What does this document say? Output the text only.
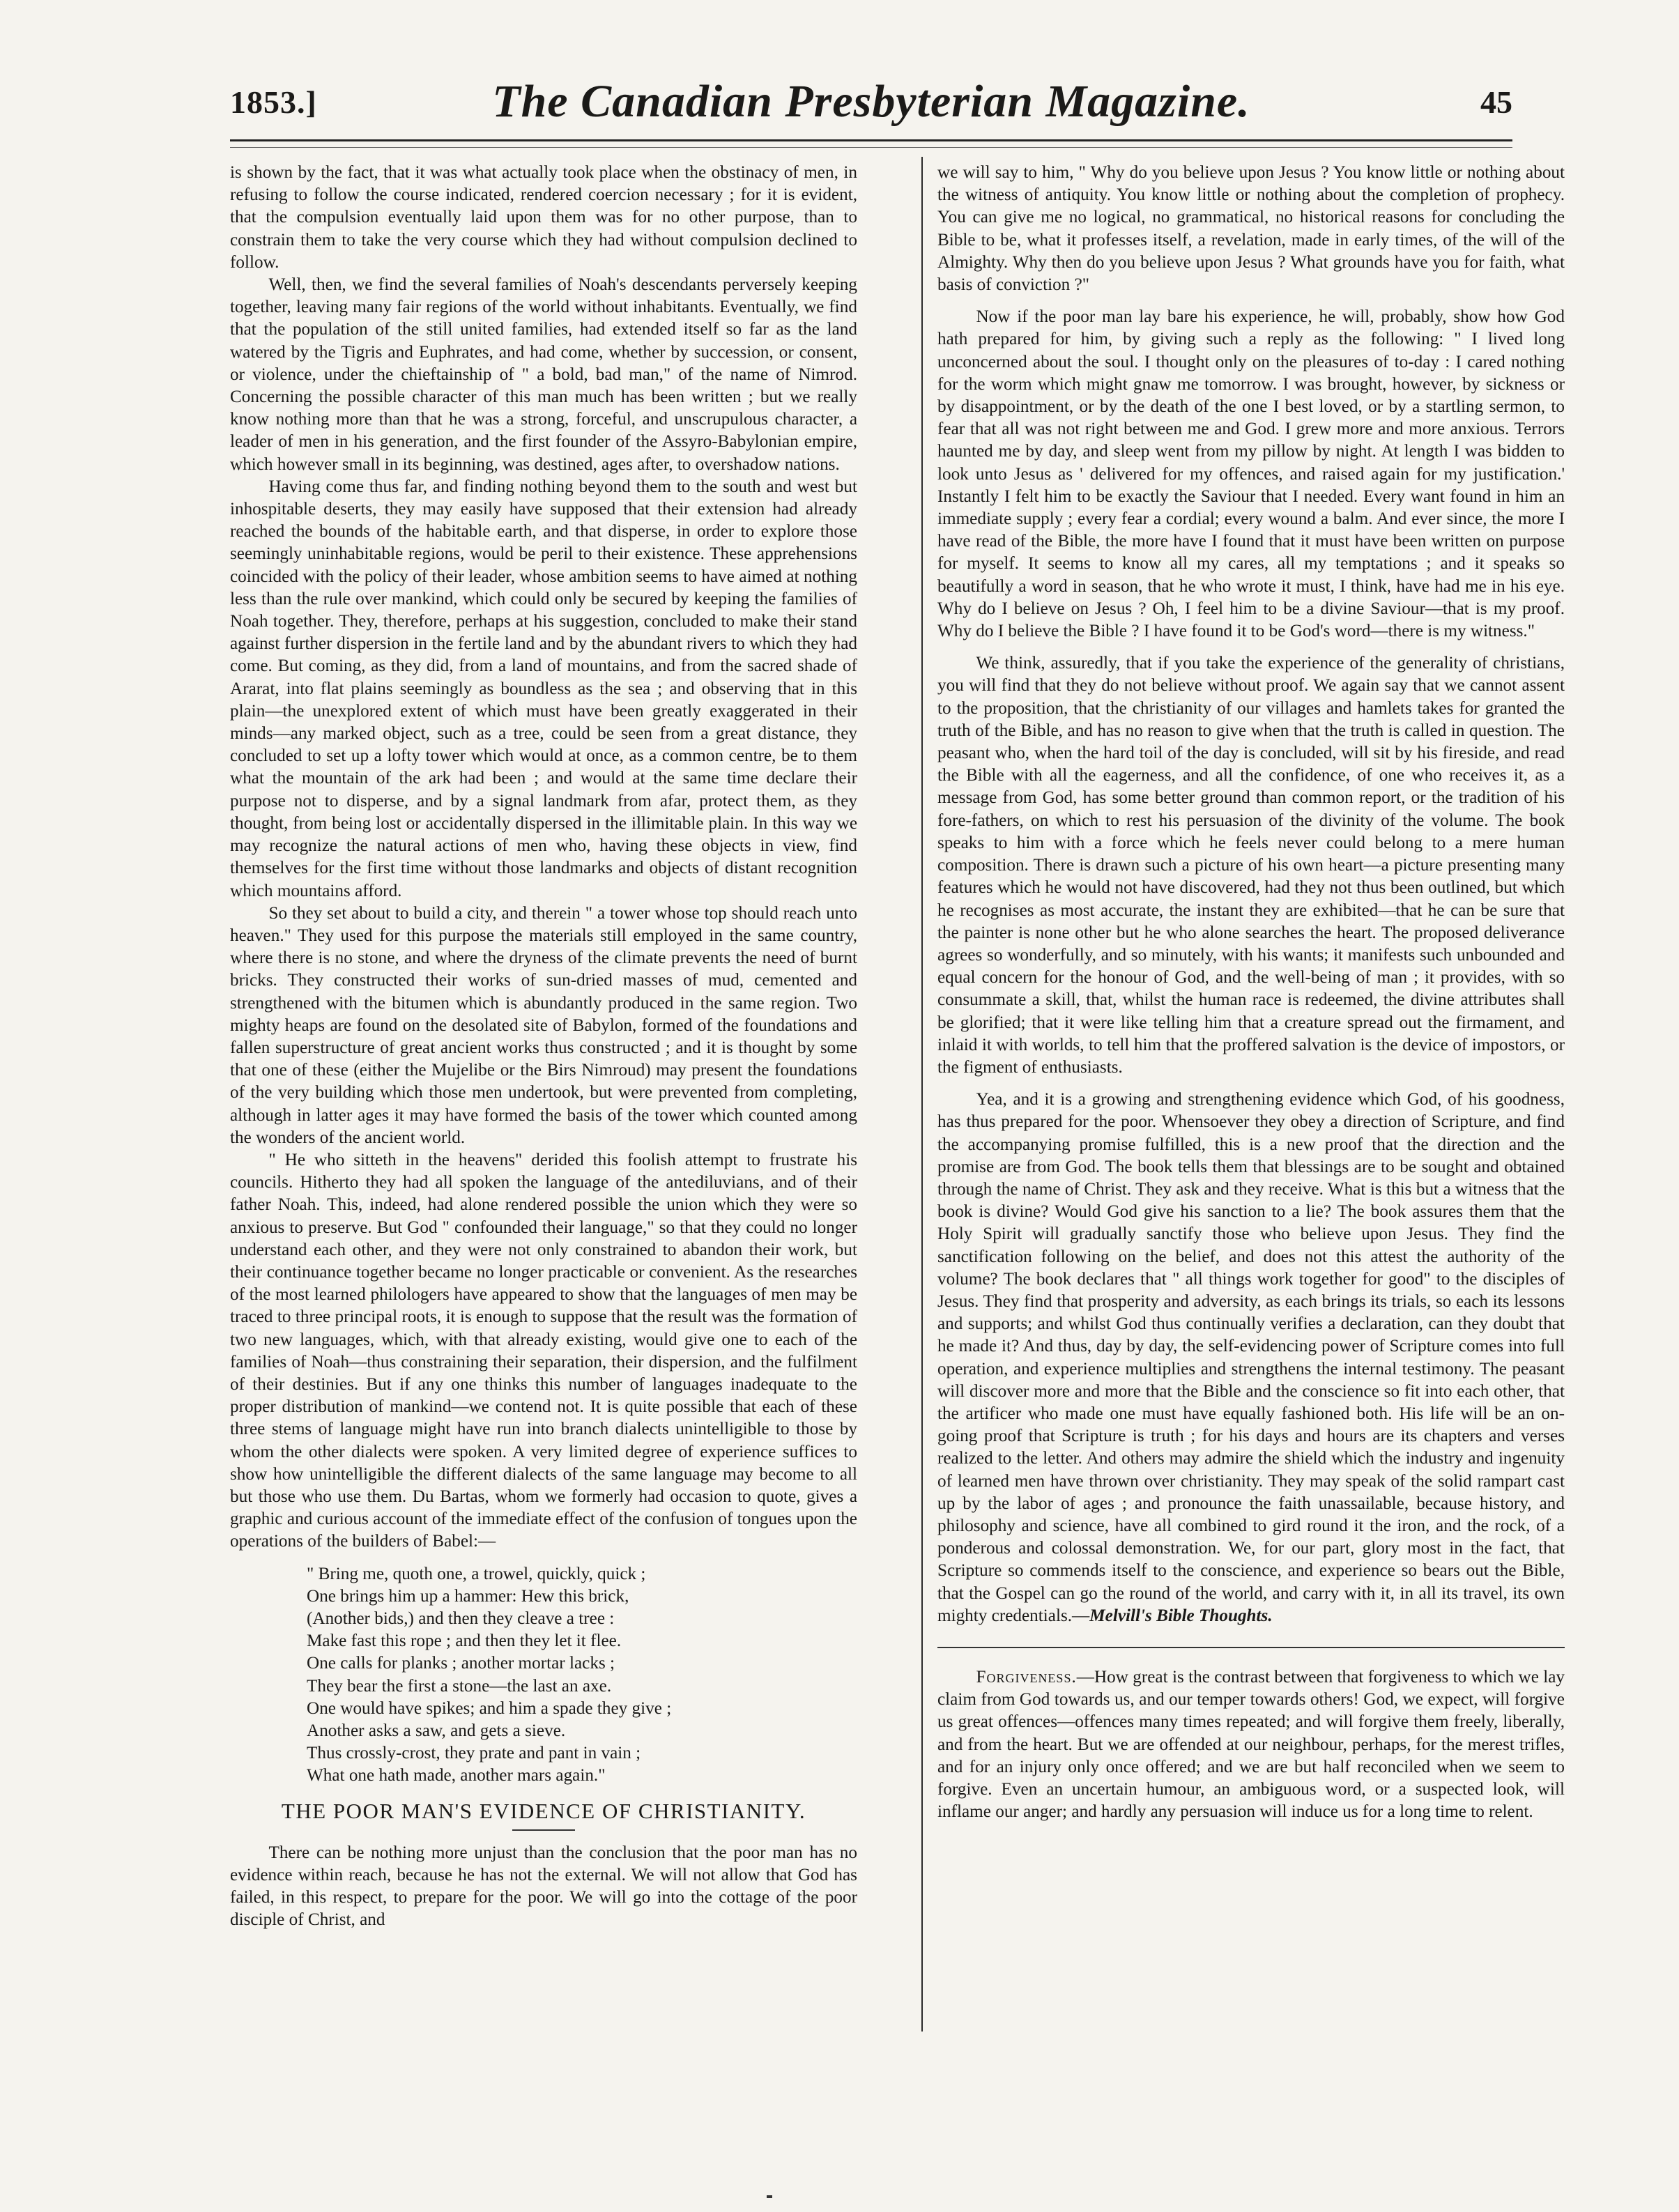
1853.]	The Canadian Presbyterian Magazine.	45

is shown by the fact, that it was what actually took place when the obstinacy of men, in refusing to follow the course indicated, rendered coercion necessary ; for it is evident, that the compulsion eventually laid upon them was for no other purpose, than to constrain them to take the very course which they had without compulsion declined to follow.

Well, then, we find the several families of Noah's descendants perversely keeping together, leaving many fair regions of the world without inhabitants. Eventually, we find that the population of the still united families, had extended itself so far as the land watered by the Tigris and Euphrates, and had come, whether by succession, or consent, or violence, under the chieftainship of " a bold, bad man," of the name of Nimrod. Concerning the possible character of this man much has been written ; but we really know nothing more than that he was a strong, forceful, and unscrupulous character, a leader of men in his generation, and the first founder of the Assyro-Babylonian empire, which however small in its beginning, was destined, ages after, to overshadow nations.

Having come thus far, and finding nothing beyond them to the south and west but inhospitable deserts, they may easily have supposed that their extension had already reached the bounds of the habitable earth, and that disperse, in order to explore those seemingly uninhabitable regions, would be peril to their existence. These apprehensions coincided with the policy of their leader, whose ambition seems to have aimed at nothing less than the rule over mankind, which could only be secured by keeping the families of Noah together. They, therefore, perhaps at his suggestion, concluded to make their stand against further dispersion in the fertile land and by the abundant rivers to which they had come. But coming, as they did, from a land of mountains, and from the sacred shade of Ararat, into flat plains seemingly as boundless as the sea ; and observing that in this plain—the unexplored extent of which must have been greatly exaggerated in their minds—any marked object, such as a tree, could be seen from a great distance, they concluded to set up a lofty tower which would at once, as a common centre, be to them what the mountain of the ark had been ; and would at the same time declare their purpose not to disperse, and by a signal landmark from afar, protect them, as they thought, from being lost or accidentally dispersed in the illimitable plain. In this way we may recognize the natural actions of men who, having these objects in view, find themselves for the first time without those landmarks and objects of distant recognition which mountains afford.

So they set about to build a city, and therein " a tower whose top should reach unto heaven." They used for this purpose the materials still employed in the same country, where there is no stone, and where the dryness of the climate prevents the need of burnt bricks. They constructed their works of sun-dried masses of mud, cemented and strengthened with the bitumen which is abundantly produced in the same region. Two mighty heaps are found on the desolated site of Babylon, formed of the foundations and fallen superstructure of great ancient works thus constructed ; and it is thought by some that one of these (either the Mujelibe or the Birs Nimroud) may present the foundations of the very building which those men undertook, but were prevented from completing, although in latter ages it may have formed the basis of the tower which counted among the wonders of the ancient world.

" He who sitteth in the heavens" derided this foolish attempt to frustrate his councils. Hitherto they had all spoken the language of the antediluvians, and of their father Noah. This, indeed, had alone rendered possible the union which they were so anxious to preserve. But God " confounded their language," so that they could no longer understand each other, and they were not only constrained to abandon their work, but their continuance together became no longer practicable or convenient. As the researches of the most learned philologers have appeared to show that the languages of men may be traced to three principal roots, it is enough to suppose that the result was the formation of two new languages, which, with that already existing, would give one to each of the families of Noah—thus constraining their separation, their dispersion, and the fulfilment of their destinies. But if any one thinks this number of languages inadequate to the proper distribution of mankind—we contend not. It is quite possible that each of these three stems of language might have run into branch dialects unintelligible to those by whom the other dialects were spoken. A very limited degree of experience suffices to show how unintelligible the different dialects of the same language may become to all but those who use them. Du Bartas, whom we formerly had occasion to quote, gives a graphic and curious account of the immediate effect of the confusion of tongues upon the operations of the builders of Babel:—

" Bring me, quoth one, a trowel, quickly, quick ;
One brings him up a hammer: Hew this brick,
(Another bids,) and then they cleave a tree :
Make fast this rope ; and then they let it flee.
One calls for planks ; another mortar lacks ;
They bear the first a stone—the last an axe.
One would have spikes; and him a spade they give ;
Another asks a saw, and gets a sieve.
Thus crossly-crost, they prate and pant in vain ;
What one hath made, another mars again."
THE POOR MAN'S EVIDENCE OF CHRISTIANITY.

There can be nothing more unjust than the conclusion that the poor man has no evidence within reach, because he has not the external. We will not allow that God has failed, in this respect, to prepare for the poor. We will go into the cottage of the poor disciple of Christ, and

we will say to him, " Why do you believe upon Jesus ? You know little or nothing about the witness of antiquity. You know little or nothing about the completion of prophecy. You can give me no logical, no grammatical, no historical reasons for concluding the Bible to be, what it professes itself, a revelation, made in early times, of the will of the Almighty. Why then do you believe upon Jesus ? What grounds have you for faith, what basis of conviction ?"

Now if the poor man lay bare his experience, he will, probably, show how God hath prepared for him, by giving such a reply as the following: " I lived long unconcerned about the soul. I thought only on the pleasures of to-day : I cared nothing for the worm which might gnaw me tomorrow. I was brought, however, by sickness or by disappointment, or by the death of the one I best loved, or by a startling sermon, to fear that all was not right between me and God. I grew more and more anxious. Terrors haunted me by day, and sleep went from my pillow by night. At length I was bidden to look unto Jesus as ' delivered for my offences, and raised again for my justification.' Instantly I felt him to be exactly the Saviour that I needed. Every want found in him an immediate supply ; every fear a cordial; every wound a balm. And ever since, the more I have read of the Bible, the more have I found that it must have been written on purpose for myself. It seems to know all my cares, all my temptations ; and it speaks so beautifully a word in season, that he who wrote it must, I think, have had me in his eye. Why do I believe on Jesus ? Oh, I feel him to be a divine Saviour—that is my proof. Why do I believe the Bible ? I have found it to be God's word—there is my witness."

We think, assuredly, that if you take the experience of the generality of christians, you will find that they do not believe without proof. We again say that we cannot assent to the proposition, that the christianity of our villages and hamlets takes for granted the truth of the Bible, and has no reason to give when that the truth is called in question. The peasant who, when the hard toil of the day is concluded, will sit by his fireside, and read the Bible with all the eagerness, and all the confidence, of one who receives it, as a message from God, has some better ground than common report, or the tradition of his fore-fathers, on which to rest his persuasion of the divinity of the volume. The book speaks to him with a force which he feels never could belong to a mere human composition. There is drawn such a picture of his own heart—a picture presenting many features which he would not have discovered, had they not thus been outlined, but which he recognises as most accurate, the instant they are exhibited—that he can be sure that the painter is none other but he who alone searches the heart. The proposed deliverance agrees so wonderfully, and so minutely, with his wants; it manifests such unbounded and equal concern for the honour of God, and the well-being of man ; it provides, with so consummate a skill, that, whilst the human race is redeemed, the divine attributes shall be glorified; that it were like telling him that a creature spread out the firmament, and inlaid it with worlds, to tell him that the proffered salvation is the device of impostors, or the figment of enthusiasts.

Yea, and it is a growing and strengthening evidence which God, of his goodness, has thus prepared for the poor. Whensoever they obey a direction of Scripture, and find the accompanying promise fulfilled, this is a new proof that the direction and the promise are from God. The book tells them that blessings are to be sought and obtained through the name of Christ. They ask and they receive. What is this but a witness that the book is divine? Would God give his sanction to a lie? The book assures them that the Holy Spirit will gradually sanctify those who believe upon Jesus. They find the sanctification following on the belief, and does not this attest the authority of the volume? The book declares that " all things work together for good" to the disciples of Jesus. They find that prosperity and adversity, as each brings its trials, so each its lessons and supports; and whilst God thus continually verifies a declaration, can they doubt that he made it? And thus, day by day, the self-evidencing power of Scripture comes into full operation, and experience multiplies and strengthens the internal testimony. The peasant will discover more and more that the Bible and the conscience so fit into each other, that the artificer who made one must have equally fashioned both. His life will be an on-going proof that Scripture is truth ; for his days and hours are its chapters and verses realized to the letter. And others may admire the shield which the industry and ingenuity of learned men have thrown over christianity. They may speak of the solid rampart cast up by the labor of ages ; and pronounce the faith unassailable, because history, and philosophy and science, have all combined to gird round it the iron, and the rock, of a ponderous and colossal demonstration. We, for our part, glory most in the fact, that Scripture so commends itself to the conscience, and experience so bears out the Bible, that the Gospel can go the round of the world, and carry with it, in all its travel, its own mighty credentials.—Melvill's Bible Thoughts.

Forgiveness.—How great is the contrast between that forgiveness to which we lay claim from God towards us, and our temper towards others! God, we expect, will forgive us great offences—offences many times repeated; and will forgive them freely, liberally, and from the heart. But we are offended at our neighbour, perhaps, for the merest trifles, and for an injury only once offered; and we are but half reconciled when we seem to forgive. Even an uncertain humour, an ambiguous word, or a suspected look, will inflame our anger; and hardly any persuasion will induce us for a long time to relent.
